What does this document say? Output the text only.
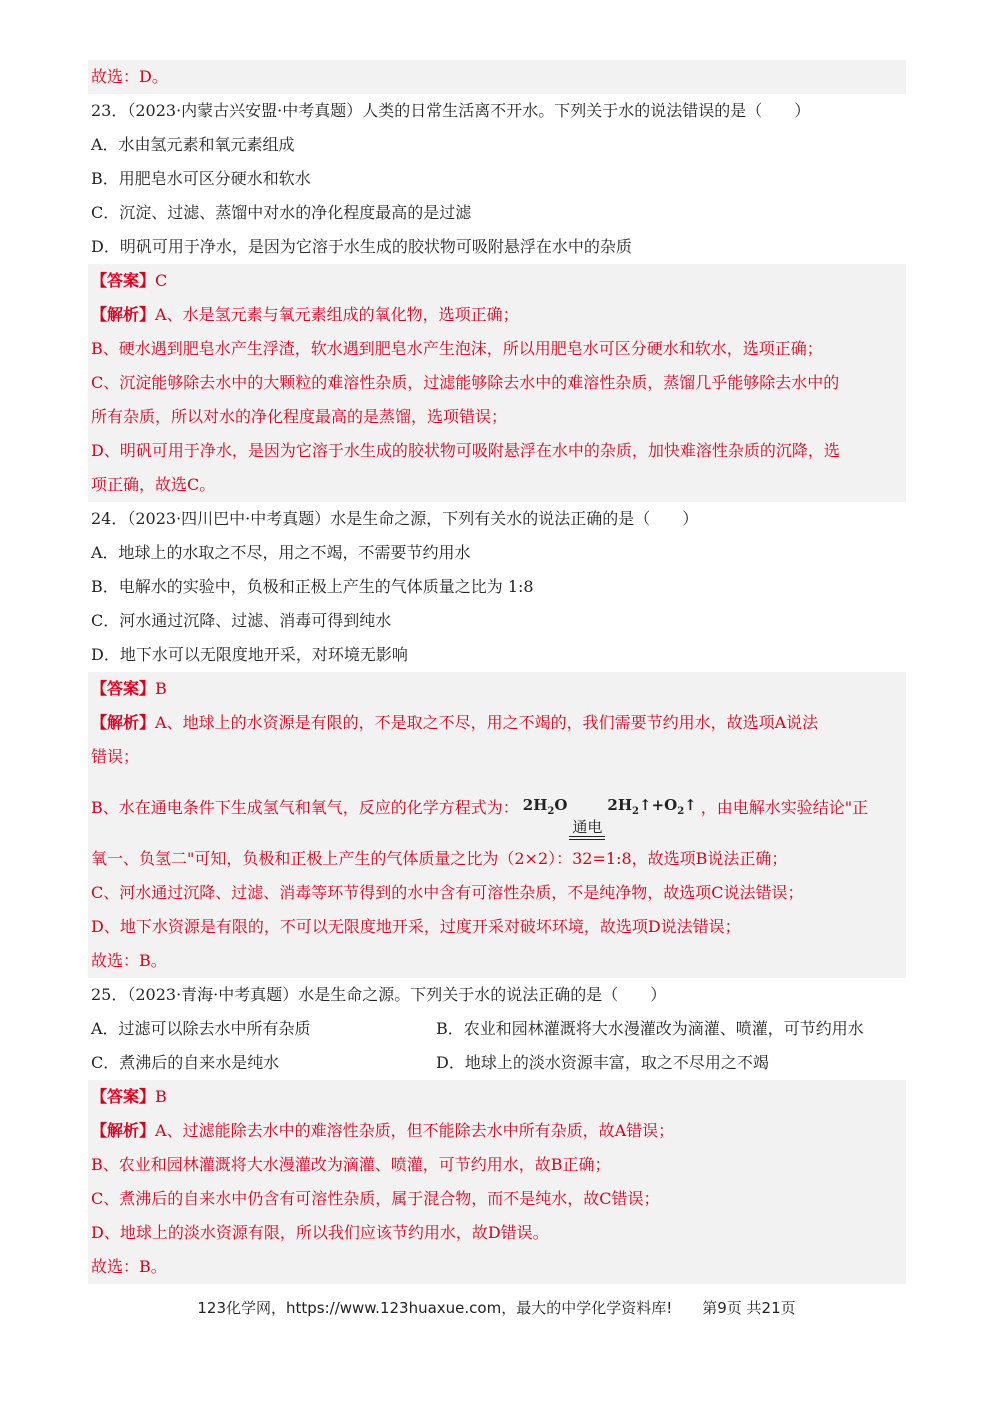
故选：D。
23．（2023·内蒙古兴安盟·中考真题）人类的日常生活离不开水。下列关于水的说法错误的是（　　）
A．水由氢元素和氧元素组成
B．用肥皂水可区分硬水和软水
C．沉淀、过滤、蒸馏中对水的净化程度最高的是过滤
D．明矾可用于净水，是因为它溶于水生成的胶状物可吸附悬浮在水中的杂质
【答案】C
【解析】A、水是氢元素与氧元素组成的氧化物，选项正确；
B、硬水遇到肥皂水产生浮渣，软水遇到肥皂水产生泡沫，所以用肥皂水可区分硬水和软水，选项正确；
C、沉淀能够除去水中的大颗粒的难溶性杂质，过滤能够除去水中的难溶性杂质，蒸馏几乎能够除去水中的
所有杂质，所以对水的净化程度最高的是蒸馏，选项错误；
D、明矾可用于净水，是因为它溶于水生成的胶状物可吸附悬浮在水中的杂质，加快难溶性杂质的沉降，选
项正确，故选C。
24．（2023·四川巴中·中考真题）水是生命之源，下列有关水的说法正确的是（　　）
A．地球上的水取之不尽，用之不竭，不需要节约用水
B．电解水的实验中，负极和正极上产生的气体质量之比为 1:8
C．河水通过沉降、过滤、消毒可得到纯水
D．地下水可以无限度地开采，对环境无影响
【答案】B
【解析】A、地球上的水资源是有限的，不是取之不尽，用之不竭的，我们需要节约用水，故选项A说法
错误；
B、水在通电条件下生成氢气和氧气，反应的化学方程式为： $2H_2O$
通电
$2H_2↑+O_2↑$ ，由电解水实验结论"正
氧一、负氢二"可知，负极和正极上产生的气体质量之比为（2×2）：32=1:8，故选项B说法正确；
C、河水通过沉降、过滤、消毒等环节得到的水中含有可溶性杂质，不是纯净物，故选项C说法错误；
D、地下水资源是有限的，不可以无限度地开采，过度开采对破坏环境，故选项D说法错误；
故选：B。
25．（2023·青海·中考真题）水是生命之源。下列关于水的说法正确的是（　　）
A．过滤可以除去水中所有杂质	B．农业和园林灌溉将大水漫灌改为滴灌、喷灌，可节约用水
C．煮沸后的自来水是纯水	D．地球上的淡水资源丰富，取之不尽用之不竭
【答案】B
【解析】A、过滤能除去水中的难溶性杂质，但不能除去水中所有杂质，故A错误；
B、农业和园林灌溉将大水漫灌改为滴灌、喷灌，可节约用水，故B正确；
C、煮沸后的自来水中仍含有可溶性杂质，属于混合物，而不是纯水，故C错误；
D、地球上的淡水资源有限，所以我们应该节约用水，故D错误。
故选：B。
123化学网，https://www.123huaxue.com，最大的中学化学资料库!　　第9页 共21页
